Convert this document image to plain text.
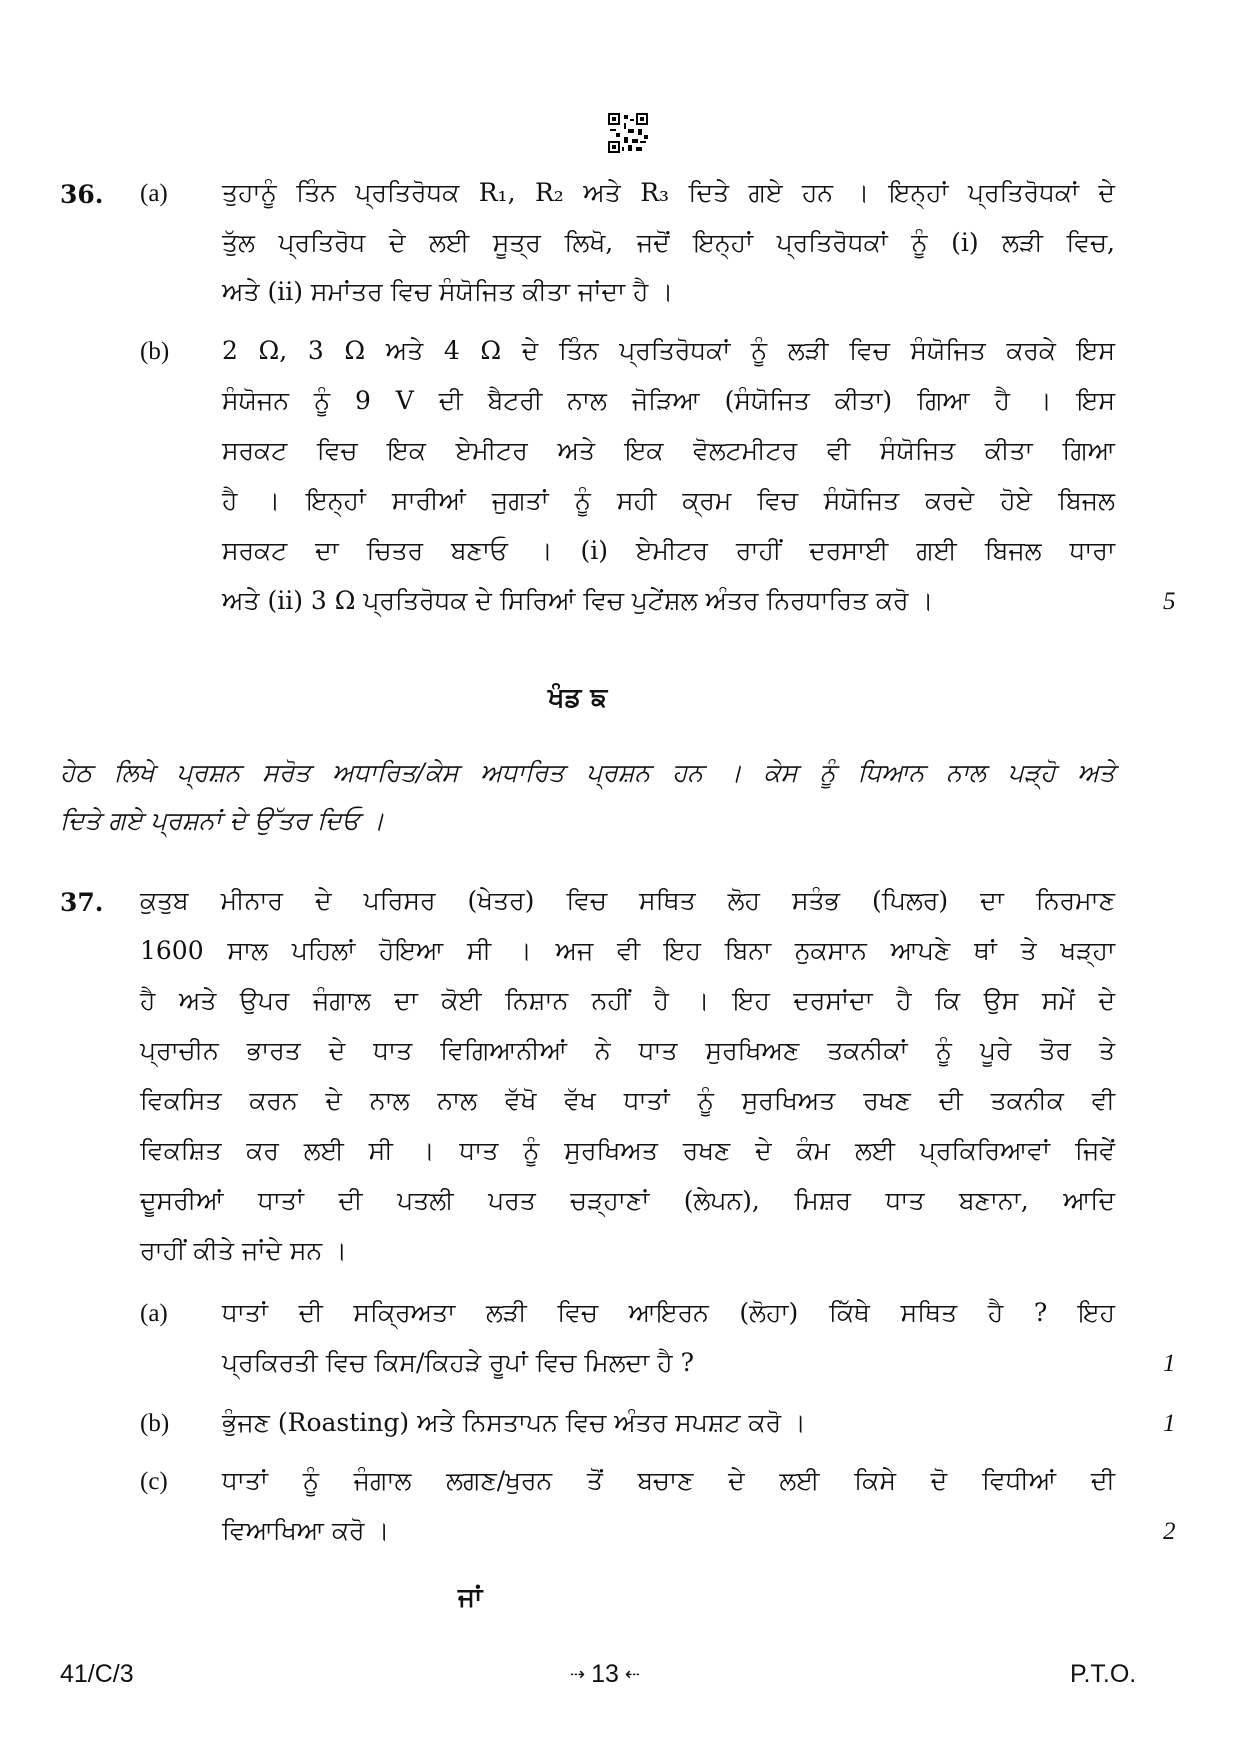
36. (a) ਤੁਹਾਨੂੰ ਤਿੰਨ ਪ੍ਰਤਿਰੋਧਕ R₁, R₂ ਅਤੇ R₃ ਦਿਤੇ ਗਏ ਹਨ । ਇਨ੍ਹਾਂ ਪ੍ਰਤਿਰੋਧਕਾਂ ਦੇ
ਤੁੱਲ ਪ੍ਰਤਿਰੋਧ ਦੇ ਲਈ ਸੂਤ੍ਰ ਲਿਖੋ, ਜਦੋਂ ਇਨ੍ਹਾਂ ਪ੍ਰਤਿਰੋਧਕਾਂ ਨੂੰ (i) ਲੜੀ ਵਿਚ,
ਅਤੇ (ii) ਸਮਾਂਤਰ ਵਿਚ ਸੰਯੋਜਿਤ ਕੀਤਾ ਜਾਂਦਾ ਹੈ ।
(b) 2 Ω, 3 Ω ਅਤੇ 4 Ω ਦੇ ਤਿੰਨ ਪ੍ਰਤਿਰੋਧਕਾਂ ਨੂੰ ਲੜੀ ਵਿਚ ਸੰਯੋਜਿਤ ਕਰਕੇ ਇਸ
ਸੰਯੋਜਨ ਨੂੰ 9 V ਦੀ ਬੈਟਰੀ ਨਾਲ ਜੋੜਿਆ (ਸੰਯੋਜਿਤ ਕੀਤਾ) ਗਿਆ ਹੈ । ਇਸ
ਸਰਕਟ ਵਿਚ ਇਕ ਏਮੀਟਰ ਅਤੇ ਇਕ ਵੋਲਟਮੀਟਰ ਵੀ ਸੰਯੋਜਿਤ ਕੀਤਾ ਗਿਆ
ਹੈ । ਇਨ੍ਹਾਂ ਸਾਰੀਆਂ ਜੁਗਤਾਂ ਨੂੰ ਸਹੀ ਕ੍ਰਮ ਵਿਚ ਸੰਯੋਜਿਤ ਕਰਦੇ ਹੋਏ ਬਿਜਲ
ਸਰਕਟ ਦਾ ਚਿਤਰ ਬਣਾਓ । (i) ਏਮੀਟਰ ਰਾਹੀਂ ਦਰਸਾਈ ਗਈ ਬਿਜਲ ਧਾਰਾ
ਅਤੇ (ii) 3 Ω ਪ੍ਰਤਿਰੋਧਕ ਦੇ ਸਿਰਿਆਂ ਵਿਚ ਪੁਟੇਂਸ਼ਲ ਅੰਤਰ ਨਿਰਧਾਰਿਤ ਕਰੋ ।	5
ਖੰਡ ਙ
ਹੇਠ ਲਿਖੇ ਪ੍ਰਸ਼ਨ ਸਰੋਤ ਅਧਾਰਿਤ/ਕੇਸ ਅਧਾਰਿਤ ਪ੍ਰਸ਼ਨ ਹਨ । ਕੇਸ ਨੂੰ ਧਿਆਨ ਨਾਲ ਪੜ੍ਹੋ ਅਤੇ
ਦਿਤੇ ਗਏ ਪ੍ਰਸ਼ਨਾਂ ਦੇ ਉੱਤਰ ਦਿਓ ।
37. ਕੁਤੁਬ ਮੀਨਾਰ ਦੇ ਪਰਿਸਰ (ਖੇਤਰ) ਵਿਚ ਸਥਿਤ ਲੋਹ ਸਤੰਭ (ਪਿਲਰ) ਦਾ ਨਿਰਮਾਣ
1600 ਸਾਲ ਪਹਿਲਾਂ ਹੋਇਆ ਸੀ । ਅਜ ਵੀ ਇਹ ਬਿਨਾ ਨੁਕਸਾਨ ਆਪਣੇ ਥਾਂ ਤੇ ਖੜ੍ਹਾ
ਹੈ ਅਤੇ ਉਪਰ ਜੰਗਾਲ ਦਾ ਕੋਈ ਨਿਸ਼ਾਨ ਨਹੀਂ ਹੈ । ਇਹ ਦਰਸਾਂਦਾ ਹੈ ਕਿ ਉਸ ਸਮੇਂ ਦੇ
ਪ੍ਰਾਚੀਨ ਭਾਰਤ ਦੇ ਧਾਤ ਵਿਗਿਆਨੀਆਂ ਨੇ ਧਾਤ ਸੁਰਖਿਅਣ ਤਕਨੀਕਾਂ ਨੂੰ ਪੂਰੇ ਤੋਰ ਤੇ
ਵਿਕਸਿਤ ਕਰਨ ਦੇ ਨਾਲ ਨਾਲ ਵੱਖੋ ਵੱਖ ਧਾਤਾਂ ਨੂੰ ਸੁਰਖਿਅਤ ਰਖਣ ਦੀ ਤਕਨੀਕ ਵੀ
ਵਿਕਸ਼ਿਤ ਕਰ ਲਈ ਸੀ । ਧਾਤ ਨੂੰ ਸੁਰਖਿਅਤ ਰਖਣ ਦੇ ਕੰਮ ਲਈ ਪ੍ਰਕਿਰਿਆਵਾਂ ਜਿਵੇਂ
ਦੂਸਰੀਆਂ ਧਾਤਾਂ ਦੀ ਪਤਲੀ ਪਰਤ ਚੜ੍ਹਾਣਾਂ (ਲੇਪਨ), ਮਿਸ਼ਰ ਧਾਤ ਬਣਾਨਾ, ਆਦਿ
ਰਾਹੀਂ ਕੀਤੇ ਜਾਂਦੇ ਸਨ ।
(a) ਧਾਤਾਂ ਦੀ ਸਕ੍ਰਿਅਤਾ ਲੜੀ ਵਿਚ ਆਇਰਨ (ਲੋਹਾ) ਕਿੱਥੇ ਸਥਿਤ ਹੈ ? ਇਹ
ਪ੍ਰਕਿਰਤੀ ਵਿਚ ਕਿਸ/ਕਿਹੜੇ ਰੂਪਾਂ ਵਿਚ ਮਿਲਦਾ ਹੈ ?	1
(b) ਭੁੰਜਣ (Roasting) ਅਤੇ ਨਿਸਤਾਪਨ ਵਿਚ ਅੰਤਰ ਸਪਸ਼ਟ ਕਰੋ ।	1
(c) ਧਾਤਾਂ ਨੂੰ ਜੰਗਾਲ ਲਗਣ/ਖੁਰਨ ਤੋਂ ਬਚਾਣ ਦੇ ਲਈ ਕਿਸੇ ਦੋ ਵਿਧੀਆਂ ਦੀ
ਵਿਆਖਿਆ ਕਰੋ ।	2
ਜਾਂ
41/C/3	⇢ 13 ⇠	P.T.O.
